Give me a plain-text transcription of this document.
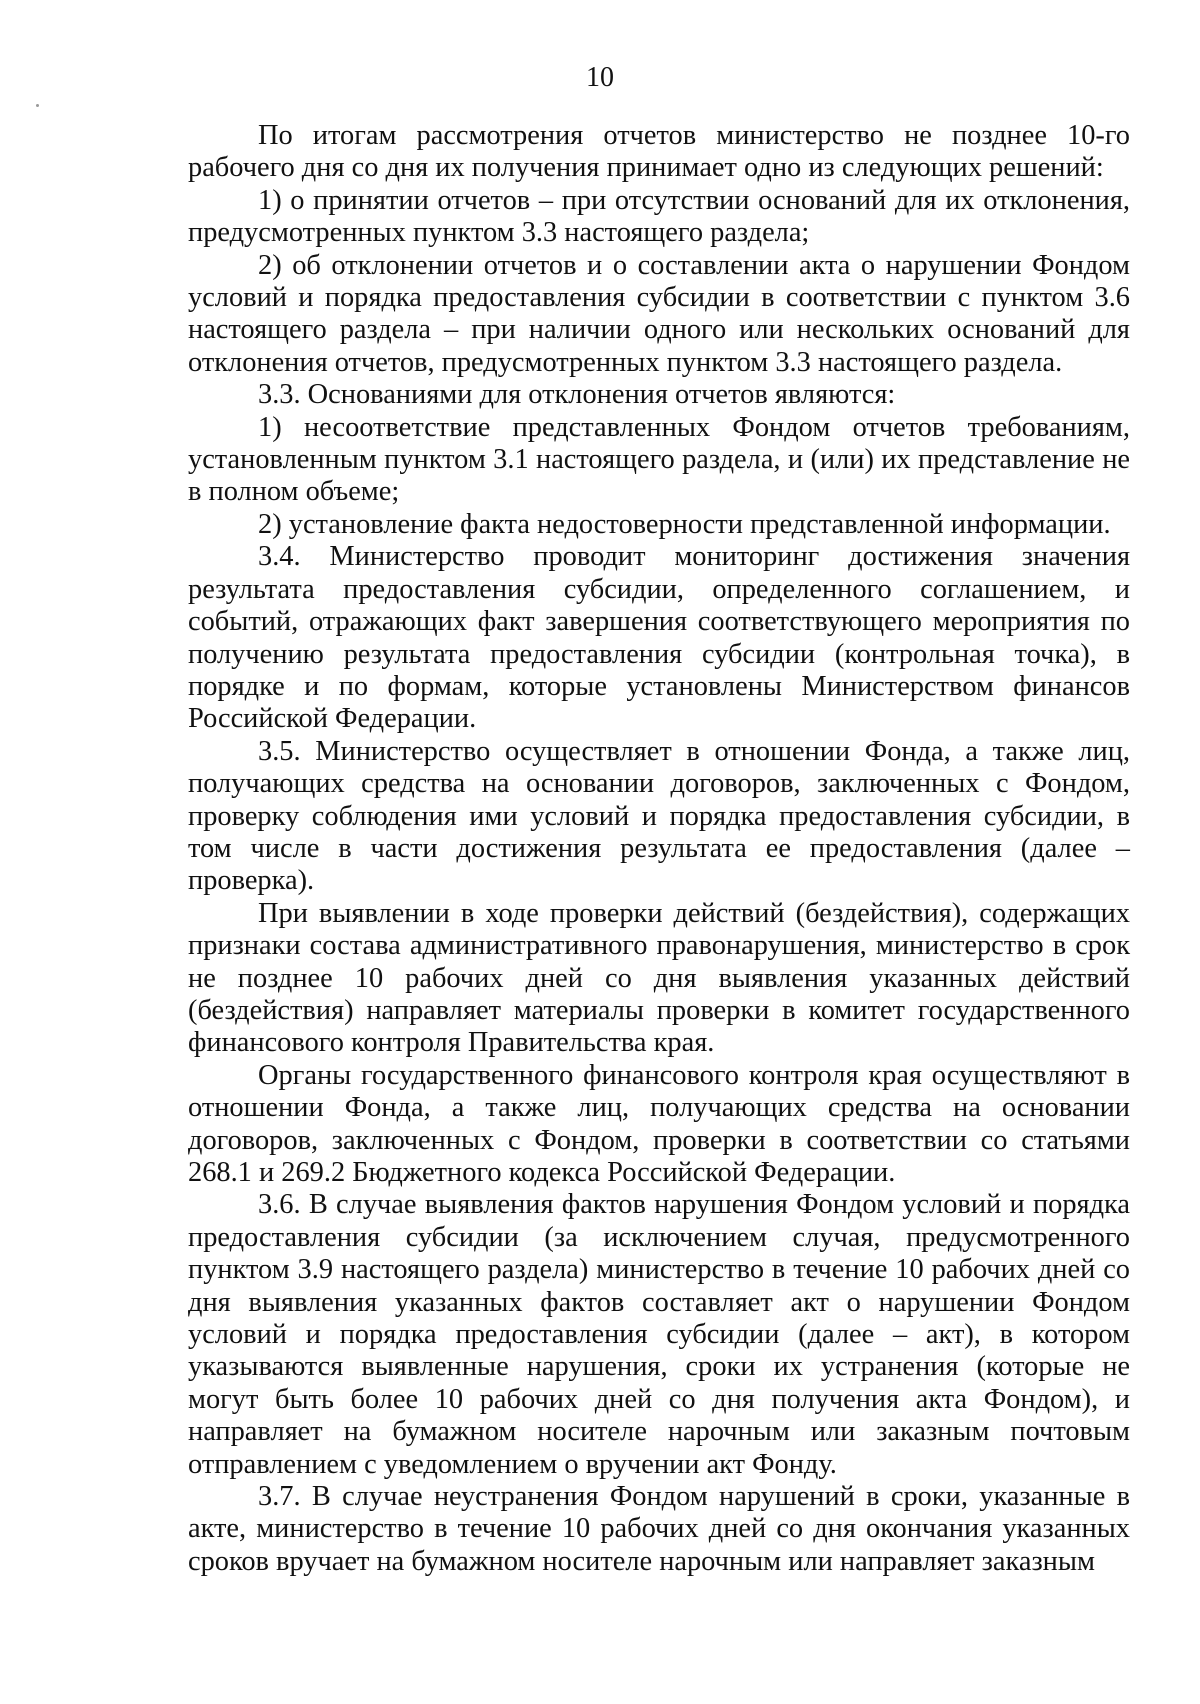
10

По итогам рассмотрения отчетов министерство не позднее 10-го рабочего дня со дня их получения принимает одно из следующих решений:

1) о принятии отчетов – при отсутствии оснований для их отклонения, предусмотренных пунктом 3.3 настоящего раздела;

2) об отклонении отчетов и о составлении акта о нарушении Фондом условий и порядка предоставления субсидии в соответствии с пунктом 3.6 настоящего раздела – при наличии одного или нескольких оснований для отклонения отчетов, предусмотренных пунктом 3.3 настоящего раздела.

3.3. Основаниями для отклонения отчетов являются:

1) несоответствие представленных Фондом отчетов требованиям, установленным пунктом 3.1 настоящего раздела, и (или) их представление не в полном объеме;

2) установление факта недостоверности представленной информации.

3.4. Министерство проводит мониторинг достижения значения результата предоставления субсидии, определенного соглашением, и событий, отражающих факт завершения соответствующего мероприятия по получению результата предоставления субсидии (контрольная точка), в порядке и по формам, которые установлены Министерством финансов Российской Федерации.

3.5. Министерство осуществляет в отношении Фонда, а также лиц, получающих средства на основании договоров, заключенных с Фондом, проверку соблюдения ими условий и порядка предоставления субсидии, в том числе в части достижения результата ее предоставления (далее – проверка).

При выявлении в ходе проверки действий (бездействия), содержащих признаки состава административного правонарушения, министерство в срок не позднее 10 рабочих дней со дня выявления указанных действий (бездействия) направляет материалы проверки в комитет государственного финансового контроля Правительства края.

Органы государственного финансового контроля края осуществляют в отношении Фонда, а также лиц, получающих средства на основании договоров, заключенных с Фондом, проверки в соответствии со статьями 268.1 и 269.2 Бюджетного кодекса Российской Федерации.

3.6. В случае выявления фактов нарушения Фондом условий и порядка предоставления субсидии (за исключением случая, предусмотренного пунктом 3.9 настоящего раздела) министерство в течение 10 рабочих дней со дня выявления указанных фактов составляет акт о нарушении Фондом условий и порядка предоставления субсидии (далее – акт), в котором указываются выявленные нарушения, сроки их устранения (которые не могут быть более 10 рабочих дней со дня получения акта Фондом), и направляет на бумажном носителе нарочным или заказным почтовым отправлением с уведомлением о вручении акт Фонду.

3.7. В случае неустранения Фондом нарушений в сроки, указанные в акте, министерство в течение 10 рабочих дней со дня окончания указанных сроков вручает на бумажном носителе нарочным или направляет заказным
